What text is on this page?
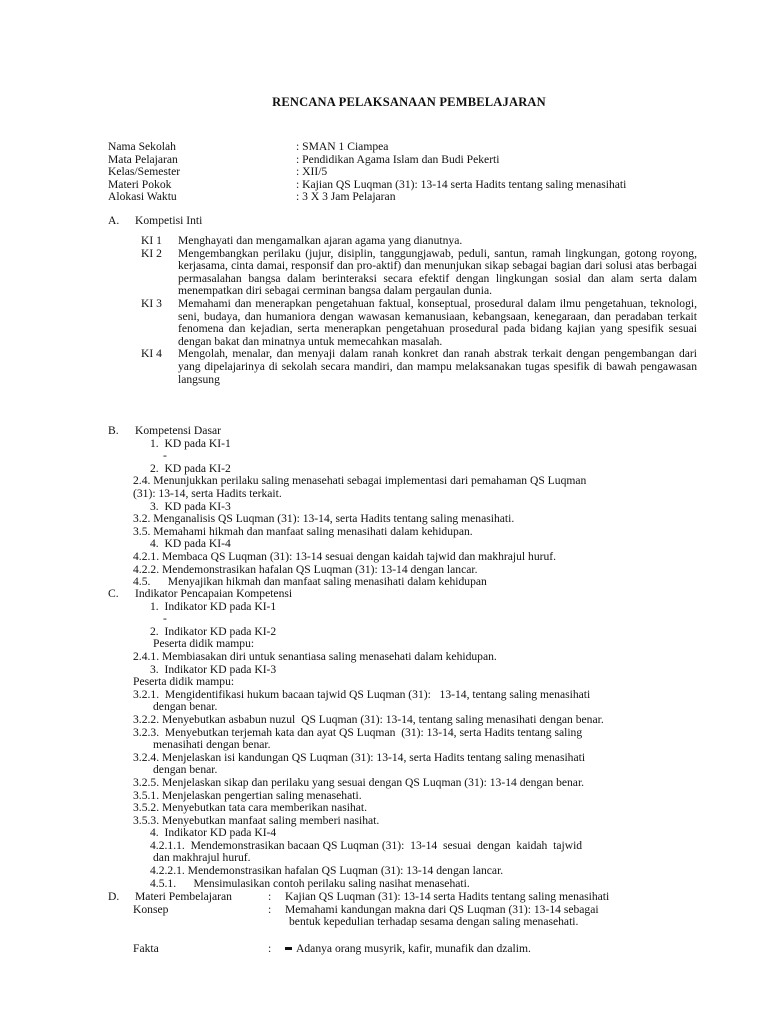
RENCANA PELAKSANAAN PEMBELAJARAN
Nama Sekolah	: SMAN 1 Ciampea
Mata Pelajaran	: Pendidikan Agama Islam dan Budi Pekerti
Kelas/Semester	: XII/5
Materi Pokok	: Kajian QS Luqman (31): 13-14 serta Hadits tentang saling menasihati
Alokasi Waktu	: 3 X 3 Jam Pelajaran
A.	Kompetisi Inti
KI 1	Menghayati dan mengamalkan ajaran agama yang dianutnya.
KI 2	Mengembangkan perilaku (jujur, disiplin, tanggungjawab, peduli, santun, ramah lingkungan, gotong royong, kerjasama, cinta damai, responsif dan pro-aktif) dan menunjukan sikap sebagai bagian dari solusi atas berbagai permasalahan bangsa dalam berinteraksi secara efektif dengan lingkungan sosial dan alam serta dalam menempatkan diri sebagai cerminan bangsa dalam pergaulan dunia.
KI 3	Memahami dan menerapkan pengetahuan faktual, konseptual, prosedural dalam ilmu pengetahuan, teknologi, seni, budaya, dan humaniora dengan wawasan kemanusiaan, kebangsaan, kenegaraan, dan peradaban terkait fenomena dan kejadian, serta menerapkan pengetahuan prosedural pada bidang kajian yang spesifik sesuai dengan bakat dan minatnya untuk memecahkan masalah.
KI 4	Mengolah, menalar, dan menyaji dalam ranah konkret dan ranah abstrak terkait dengan pengembangan dari yang dipelajarinya di sekolah secara mandiri, dan mampu melaksanakan tugas spesifik di bawah pengawasan langsung
B.	Kompetensi Dasar
1.  KD pada KI-1
-
2.  KD pada KI-2
2.4. Menunjukkan perilaku saling menasehati sebagai implementasi dari pemahaman QS Luqman
(31): 13-14, serta Hadits terkait.
3.  KD pada KI-3
3.2. Menganalisis QS Luqman (31): 13-14, serta Hadits tentang saling menasihati.
3.5. Memahami hikmah dan manfaat saling menasihati dalam kehidupan.
4.  KD pada KI-4
4.2.1. Membaca QS Luqman (31): 13-14 sesuai dengan kaidah tajwid dan makhrajul huruf.
4.2.2. Mendemonstrasikan hafalan QS Luqman (31): 13-14 dengan lancar.
4.5.      Menyajikan hikmah dan manfaat saling menasihati dalam kehidupan
C.	Indikator Pencapaian Kompetensi
1.  Indikator KD pada KI-1
-
2.  Indikator KD pada KI-2
Peserta didik mampu:
2.4.1. Membiasakan diri untuk senantiasa saling menasehati dalam kehidupan.
3.  Indikator KD pada KI-3
Peserta didik mampu:
3.2.1.  Mengidentifikasi hukum bacaan tajwid QS Luqman (31):   13-14, tentang saling menasihati
dengan benar.
3.2.2. Menyebutkan asbabun nuzul  QS Luqman (31): 13-14, tentang saling menasihati dengan benar.
3.2.3.  Menyebutkan terjemah kata dan ayat QS Luqman  (31): 13-14, serta Hadits tentang saling
menasihati dengan benar.
3.2.4. Menjelaskan isi kandungan QS Luqman (31): 13-14, serta Hadits tentang saling menasihati
dengan benar.
3.2.5. Menjelaskan sikap dan perilaku yang sesuai dengan QS Luqman (31): 13-14 dengan benar.
3.5.1. Menjelaskan pengertian saling menasehati.
3.5.2. Menyebutkan tata cara memberikan nasihat.
3.5.3. Menyebutkan manfaat saling memberi nasihat.
4.  Indikator KD pada KI-4
4.2.1.1.  Mendemonstrasikan bacaan QS Luqman (31):  13-14  sesuai  dengan  kaidah  tajwid
dan makhrajul huruf.
4.2.2.1. Mendemonstrasikan hafalan QS Luqman (31): 13-14 dengan lancar.
4.5.1.      Mensimulasikan contoh perilaku saling nasihat menasehati.
D. Materi Pembelajaran	:	Kajian QS Luqman (31): 13-14 serta Hadits tentang saling menasihati
Konsep	:	Memahami kandungan makna dari QS Luqman (31): 13-14 sebagai
bentuk kepedulian terhadap sesama dengan saling menasehati.
Fakta	:	Adanya orang musyrik, kafir, munafik dan dzalim.
